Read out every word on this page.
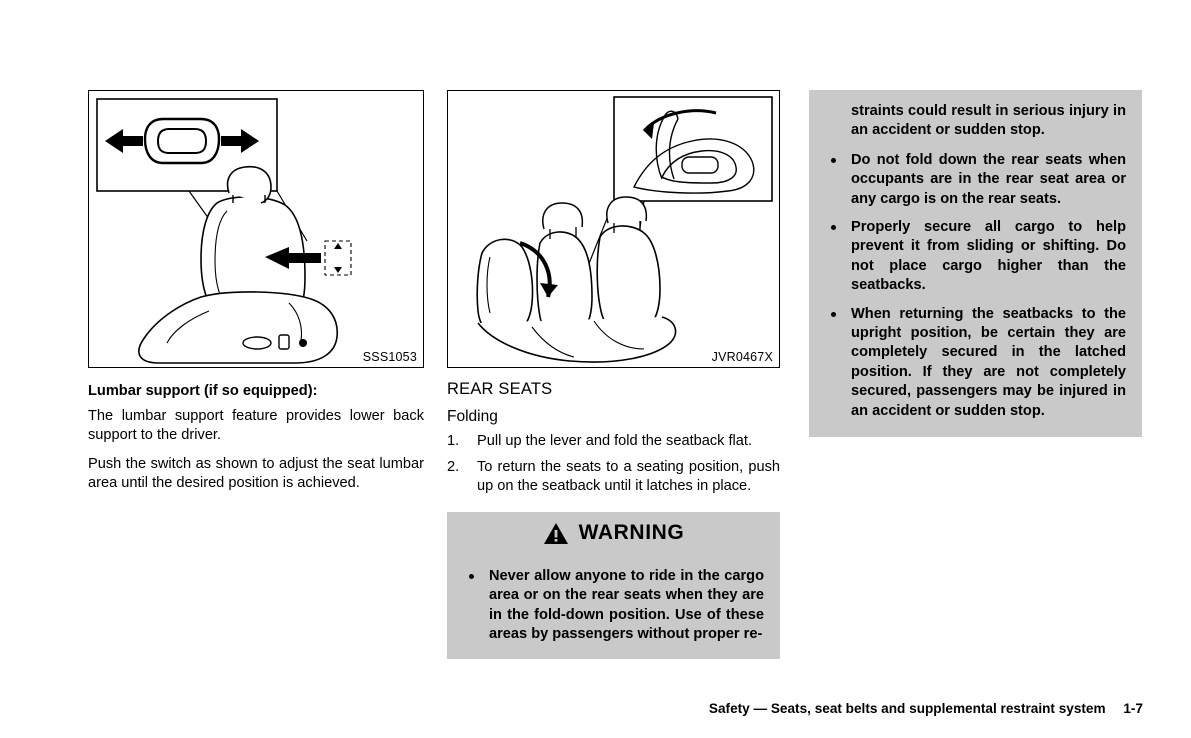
SSS1053
Lumbar support (if so equipped):

The lumbar support feature provides lower back support to the driver.

Push the switch as shown to adjust the seat lumbar area until the desired position is achieved.

JVR0467X
REAR SEATS
Folding
1. Pull up the lever and fold the seatback flat.
2. To return the seats to a seating position, push up on the seatback until it latches in place.
WARNING
Never allow anyone to ride in the cargo area or on the rear seats when they are in the fold-down position. Use of these areas by passengers without proper re-
straints could result in serious injury in an accident or sudden stop.
Do not fold down the rear seats when occupants are in the rear seat area or any cargo is on the rear seats.
Properly secure all cargo to help prevent it from sliding or shifting. Do not place cargo higher than the seatbacks.
When returning the seatbacks to the upright position, be certain they are completely secured in the latched position. If they are not completely secured, passengers may be injured in an accident or sudden stop.
Safety — Seats, seat belts and supplemental restraint system 1-7
